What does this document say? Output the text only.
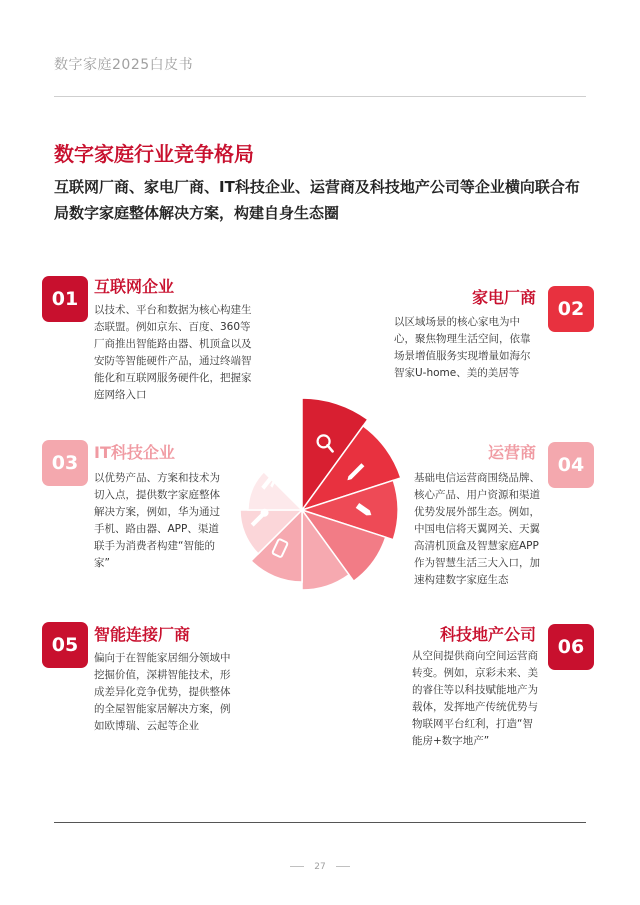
数字家庭2025白皮书
数字家庭行业竞争格局
互联网厂商、家电厂商、IT科技企业、运营商及科技地产公司等企业横向联合布局数字家庭整体解决方案，构建自身生态圈
01
互联网企业
以技术、平台和数据为核心构建生态联盟。例如京东、百度、360等厂商推出智能路由器、机顶盒以及安防等智能硬件产品，通过终端智能化和互联网服务硬件化，把握家庭网络入口
02
家电厂商
以区域场景的核心家电为中心，聚焦物理生活空间，依靠场景增值服务实现增量如海尔智家U-home、美的美居等
03 IT科技企业
以优势产品、方案和技术为切入点，提供数字家庭整体解决方案，例如，华为通过手机、路由器、APP、渠道联手为消费者构建“智能的家”
04
运营商
基础电信运营商围绕品牌、核心产品、用户资源和渠道优势发展外部生态。例如，中国电信将天翼网关、天翼高清机顶盒及智慧家庭APP作为智慧生活三大入口，加速构建数字家庭生态
05 智能连接厂商
偏向于在智能家居细分领域中挖掘价值，深耕智能技术，形成差异化竞争优势，提供整体的全屋智能家居解决方案，例如欧博瑞、云起等企业
06
科技地产公司
从空间提供商向空间运营商转变。例如，京彩未来、美的睿住等以科技赋能地产为载体，发挥地产传统优势与物联网平台红利，打造“智能房+数字地产”
27
